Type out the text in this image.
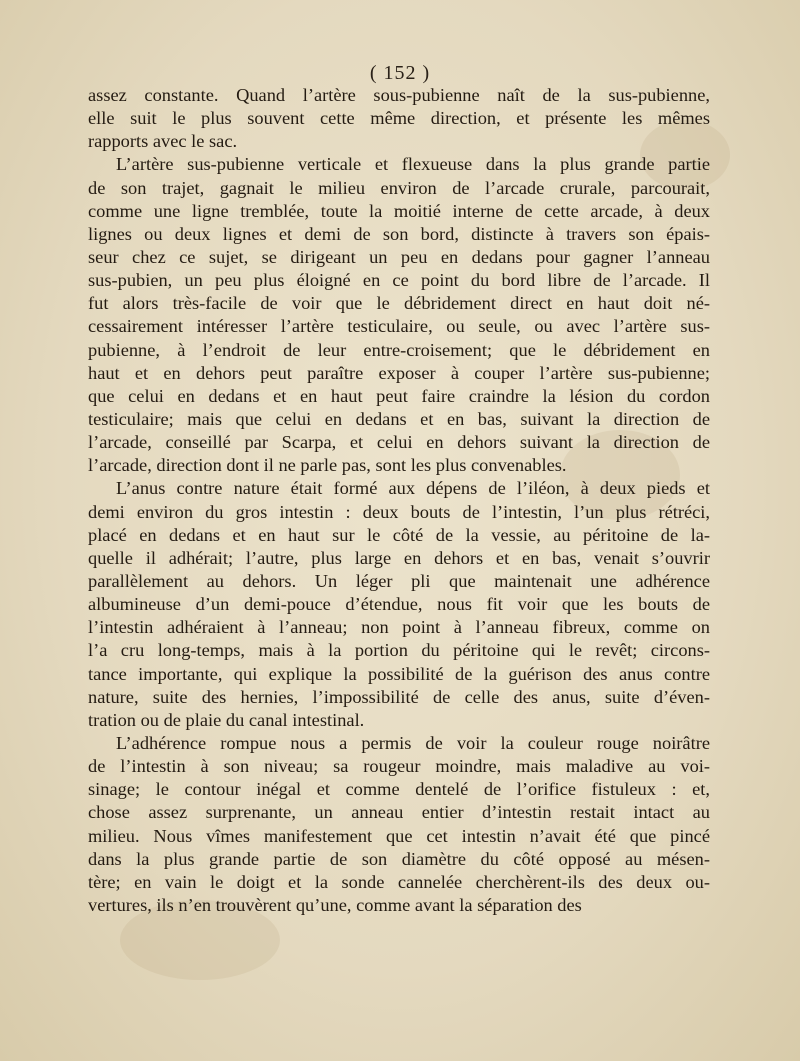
( 152 )
assez constante. Quand l’artère sous-pubienne naît de la sus-pubienne,
elle suit le plus souvent cette même direction, et présente les mêmes
rapports avec le sac.
L’artère sus-pubienne verticale et flexueuse dans la plus grande partie
de son trajet, gagnait le milieu environ de l’arcade crurale, parcourait,
comme une ligne tremblée, toute la moitié interne de cette arcade, à deux
lignes ou deux lignes et demi de son bord, distincte à travers son épais-
seur chez ce sujet, se dirigeant un peu en dedans pour gagner l’anneau
sus-pubien, un peu plus éloigné en ce point du bord libre de l’arcade. Il
fut alors très-facile de voir que le débridement direct en haut doit né-
cessairement intéresser l’artère testiculaire, ou seule, ou avec l’artère sus-
pubienne, à l’endroit de leur entre-croisement; que le débridement en
haut et en dehors peut paraître exposer à couper l’artère sus-pubienne;
que celui en dedans et en haut peut faire craindre la lésion du cordon
testiculaire; mais que celui en dedans et en bas, suivant la direction de
l’arcade, conseillé par Scarpa, et celui en dehors suivant la direction de
l’arcade, direction dont il ne parle pas, sont les plus convenables.
L’anus contre nature était formé aux dépens de l’iléon, à deux pieds et
demi environ du gros intestin : deux bouts de l’intestin, l’un plus rétréci,
placé en dedans et en haut sur le côté de la vessie, au péritoine de la-
quelle il adhérait; l’autre, plus large en dehors et en bas, venait s’ouvrir
parallèlement au dehors. Un léger pli que maintenait une adhérence
albumineuse d’un demi-pouce d’étendue, nous fit voir que les bouts de
l’intestin adhéraient à l’anneau; non point à l’anneau fibreux, comme on
l’a cru long-temps, mais à la portion du péritoine qui le revêt; circons-
tance importante, qui explique la possibilité de la guérison des anus contre
nature, suite des hernies, l’impossibilité de celle des anus, suite d’éven-
tration ou de plaie du canal intestinal.
L’adhérence rompue nous a permis de voir la couleur rouge noirâtre
de l’intestin à son niveau; sa rougeur moindre, mais maladive au voi-
sinage; le contour inégal et comme dentelé de l’orifice fistuleux : et,
chose assez surprenante, un anneau entier d’intestin restait intact au
milieu. Nous vîmes manifestement que cet intestin n’avait été que pincé
dans la plus grande partie de son diamètre du côté opposé au mésen-
tère; en vain le doigt et la sonde cannelée cherchèrent-ils des deux ou-
vertures, ils n’en trouvèrent qu’une, comme avant la séparation des
